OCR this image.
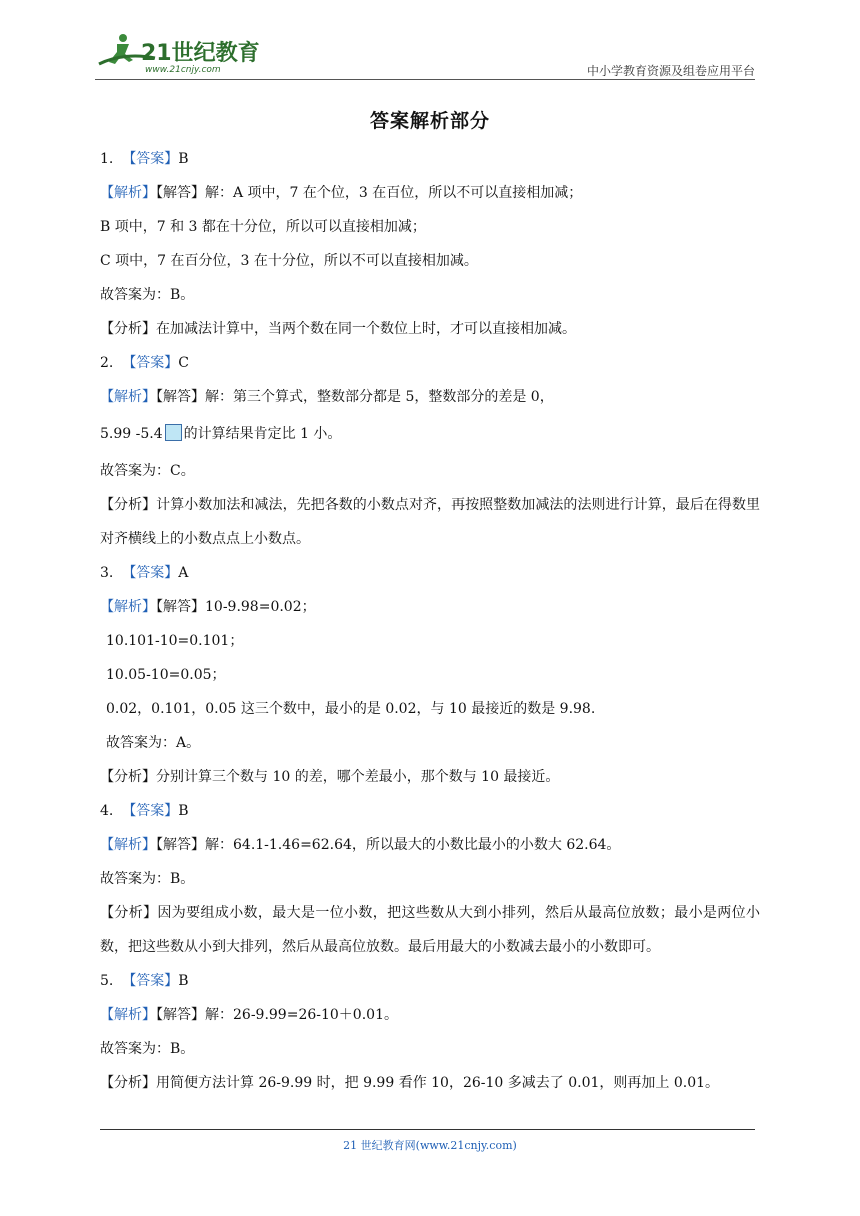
21世纪教育
www.21cnjy.com	中小学教育资源及组卷应用平台
答案解析部分
1. 【答案】B
【解析】【解答】解：A 项中，7 在个位，3 在百位，所以不可以直接相加减；
B 项中，7 和 3 都在十分位，所以可以直接相加减；
C 项中，7 在百分位，3 在十分位，所以不可以直接相加减。
故答案为：B。
【分析】在加减法计算中，当两个数在同一个数位上时，才可以直接相加减。
2. 【答案】C
【解析】【解答】解：第三个算式，整数部分都是 5，整数部分的差是 0，
5.99 -5.4 的计算结果肯定比 1 小。
故答案为：C。
【分析】计算小数加法和减法，先把各数的小数点对齐，再按照整数加减法的法则进行计算，最后在得数里对齐横线上的小数点点上小数点。
3. 【答案】A
【解析】【解答】10-9.98=0.02；
10.101-10=0.101；
10.05-10=0.05；
0.02，0.101，0.05 这三个数中，最小的是 0.02，与 10 最接近的数是 9.98.
故答案为：A。
【分析】分别计算三个数与 10 的差，哪个差最小，那个数与 10 最接近。
4. 【答案】B
【解析】【解答】解：64.1-1.46=62.64，所以最大的小数比最小的小数大 62.64。
故答案为：B。
【分析】因为要组成小数，最大是一位小数，把这些数从大到小排列，然后从最高位放数；最小是两位小数，把这些数从小到大排列，然后从最高位放数。最后用最大的小数减去最小的小数即可。
5. 【答案】B
【解析】【解答】解：26-9.99=26-10＋0.01。
故答案为：B。
【分析】用简便方法计算 26-9.99 时，把 9.99 看作 10，26-10 多减去了 0.01，则再加上 0.01。
21 世纪教育网(www.21cnjy.com)
